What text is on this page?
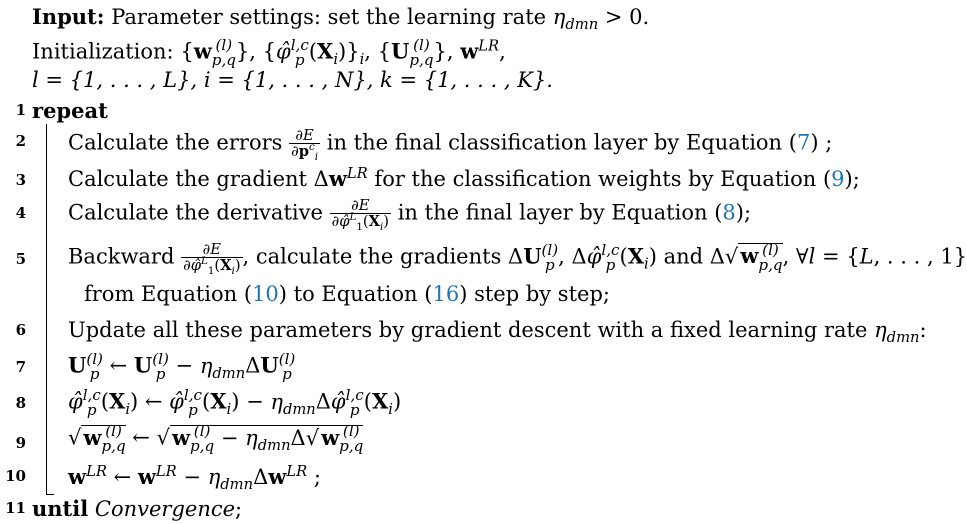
Input: Parameter settings: set the learning rate $\eta_{dmn} > 0$.
Initialization: {w (l)
p,q }, {φ̂ l,c
p $(X_i)\}_i$, {U (l)
p,q }, $w^{LR}$,
l = {1, . . . , L}, i = {1, . . . , N}, k = {1, . . . , K}.
1 repeat
2 Calculate the errors $\frac{\partial E}{\partial p^c_i}$ in the final classification layer by Equation (7) ;
3 Calculate the gradient $\Delta w^{LR}$ for the classification weights by Equation (9);
4 Calculate the derivative $\frac{\partial E}{\partial\varphî^L_1(X_i)}$ in the final layer by Equation (8);
5 Backward $\frac{\partial E}{\partial\varphî^L_1(X_i)}$ , calculate the gradients ΔU (l)
p , Δφ̂ l,c
p $(X_i)$ and Δ√w (l)
p,q , ∀l = {L, . . . , 1}
from Equation (10) to Equation (16) step by step;
6 Update all these parameters by gradient descent with a fixed learning rate $\eta_{dmn}$:
7 U (l)
p ← U (l)
$p - \eta_{dmn}\Delta U$ (l)
p
8 φ̂ l,c
p $(X_i)$ ← φ̂ l,c
p $(X_i)$ − $\eta_{dmn}\Delta\varphî$ l,c
p $(X_i)$
9 √w (l)
p,q ← √w (l)
$p,q - \eta_{dmn}\Delta√w$ (l)
p,q
10 $w^{LR}$ ← $w^{LR} - \eta_{dmn}\Delta w^{LR}$ ;
11 until Convergence;
